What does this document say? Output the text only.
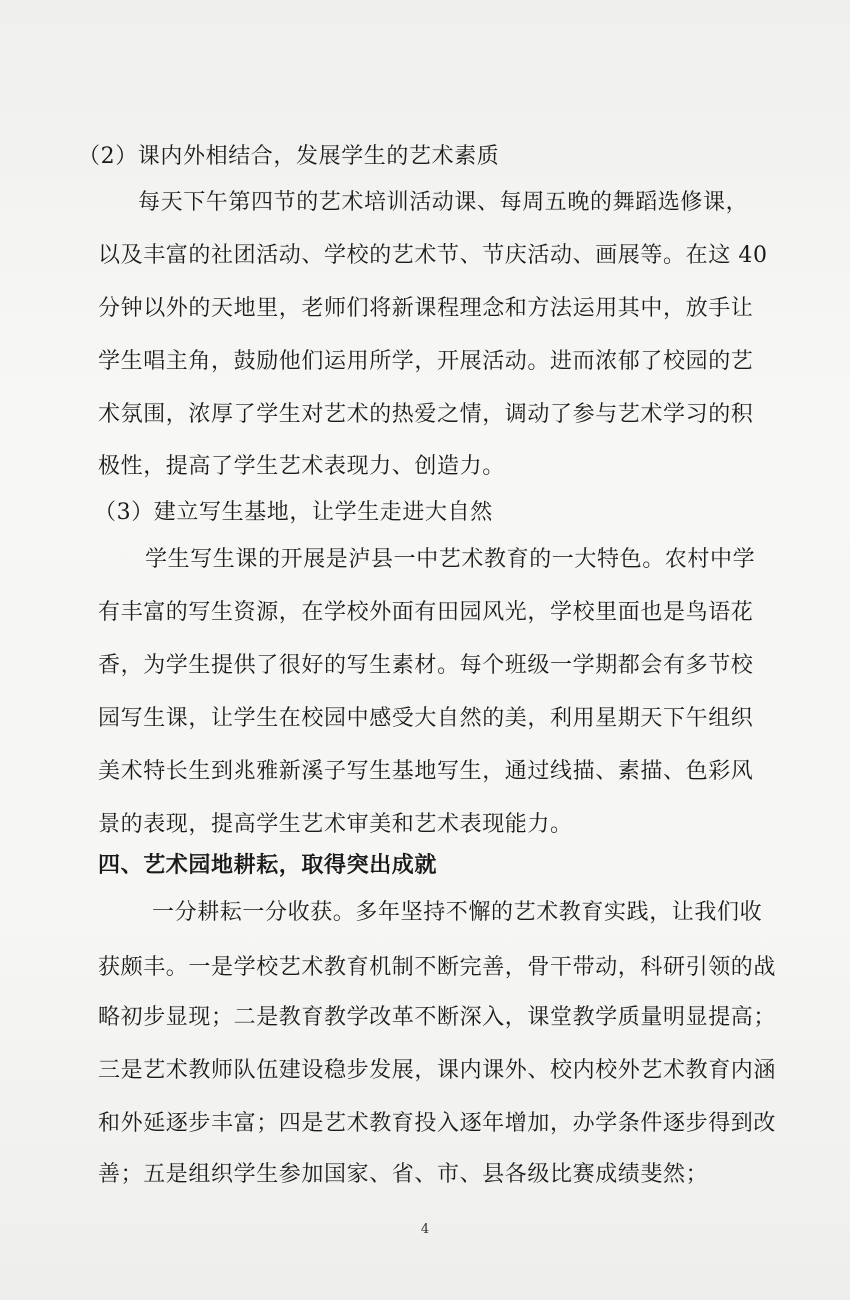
（2）课内外相结合，发展学生的艺术素质
每天下午第四节的艺术培训活动课、每周五晚的舞蹈选修课，
以及丰富的社团活动、学校的艺术节、节庆活动、画展等。在这 40
分钟以外的天地里，老师们将新课程理念和方法运用其中，放手让
学生唱主角，鼓励他们运用所学，开展活动。进而浓郁了校园的艺
术氛围，浓厚了学生对艺术的热爱之情，调动了参与艺术学习的积
极性，提高了学生艺术表现力、创造力。
（3）建立写生基地，让学生走进大自然
学生写生课的开展是泸县一中艺术教育的一大特色。农村中学
有丰富的写生资源，在学校外面有田园风光，学校里面也是鸟语花
香，为学生提供了很好的写生素材。每个班级一学期都会有多节校
园写生课，让学生在校园中感受大自然的美，利用星期天下午组织
美术特长生到兆雅新溪子写生基地写生，通过线描、素描、色彩风
景的表现，提高学生艺术审美和艺术表现能力。
四、艺术园地耕耘，取得突出成就
一分耕耘一分收获。多年坚持不懈的艺术教育实践，让我们收
获颇丰。一是学校艺术教育机制不断完善，骨干带动，科研引领的战
略初步显现；二是教育教学改革不断深入，课堂教学质量明显提高；
三是艺术教师队伍建设稳步发展，课内课外、校内校外艺术教育内涵
和外延逐步丰富；四是艺术教育投入逐年增加，办学条件逐步得到改
善；五是组织学生参加国家、省、市、县各级比赛成绩斐然；
4
